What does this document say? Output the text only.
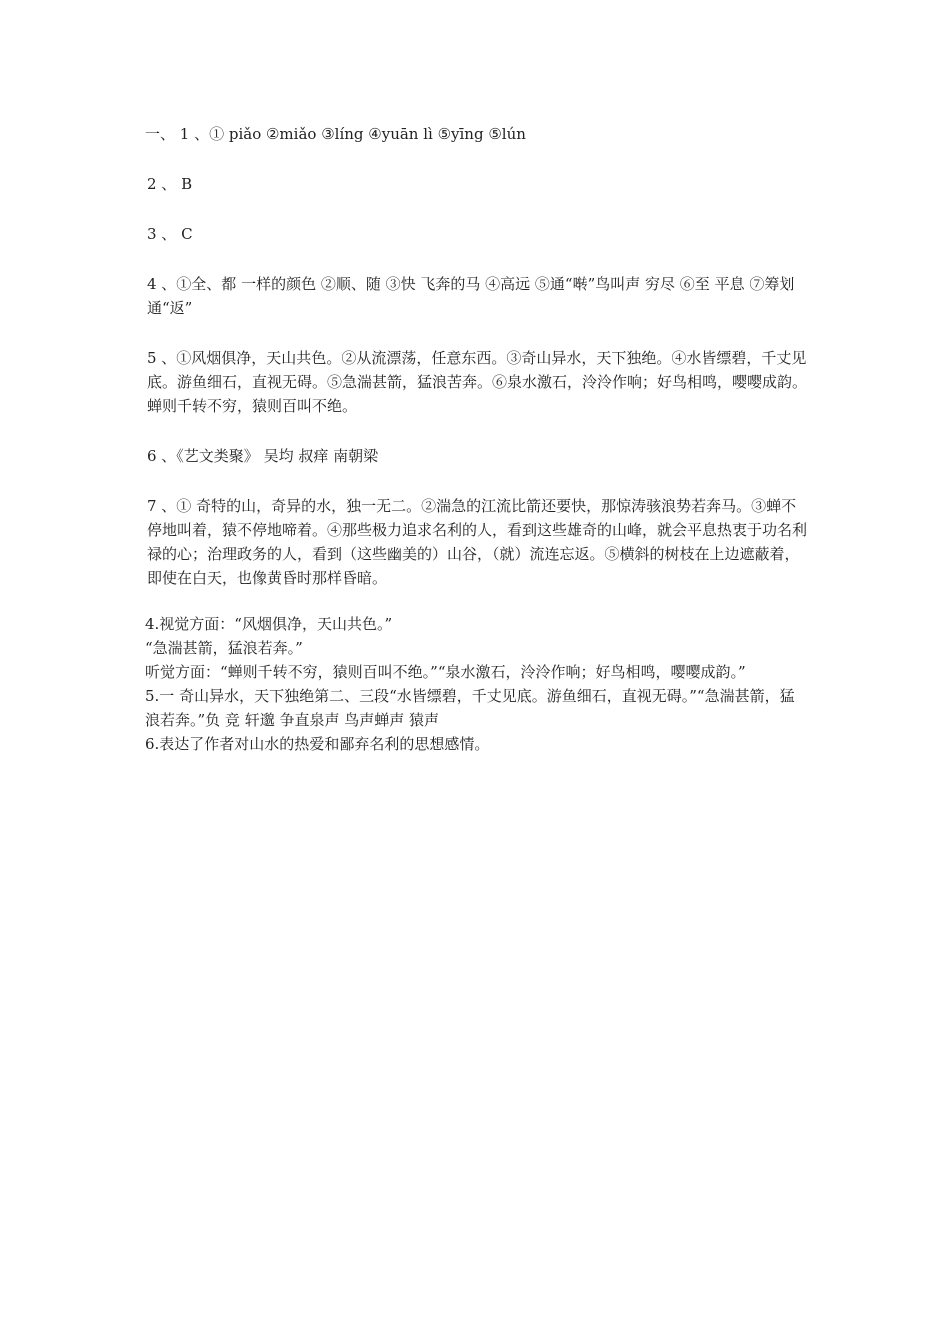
一、 1 、① piǎo ②miǎo ③líng ④yuān lì ⑤yīng ⑤lún

2 、 B

3 、 C

4 、①全、都 一样的颜色 ②顺、随 ③快 飞奔的马 ④高远 ⑤通“啭”鸟叫声 穷尽 ⑥至 平息 ⑦筹划 通“返”

5 、①风烟俱净，天山共色。②从流漂荡，任意东西。③奇山异水，天下独绝。④水皆缥碧，千丈见底。游鱼细石，直视无碍。⑤急湍甚箭，猛浪苦奔。⑥泉水激石，泠泠作响；好鸟相鸣，嘤嘤成韵。蝉则千转不穷，猿则百叫不绝。

6 、《艺文类聚》 吴均 叔痒 南朝梁

7 、① 奇特的山，奇异的水，独一无二。②湍急的江流比箭还要快，那惊涛骇浪势若奔马。③蝉不停地叫着，猿不停地啼着。④那些极力追求名利的人，看到这些雄奇的山峰，就会平息热衷于功名利禄的心；治理政务的人，看到（这些幽美的）山谷，（就）流连忘返。⑤横斜的树枝在上边遮蔽着，即使在白天，也像黄昏时那样昏暗。

4.视觉方面：“风烟俱净，天山共色。”

“急湍甚箭，猛浪若奔。”

听觉方面：“蝉则千转不穷，猿则百叫不绝。”“泉水激石，泠泠作响；好鸟相鸣，嘤嘤成韵。”

5.一 奇山异水，天下独绝第二、三段“水皆缥碧，千丈见底。游鱼细石，直视无碍。”“急湍甚箭，猛浪若奔。”负 竞 轩邈 争直泉声 鸟声蝉声 猿声

6.表达了作者对山水的热爱和鄙弃名利的思想感情。
